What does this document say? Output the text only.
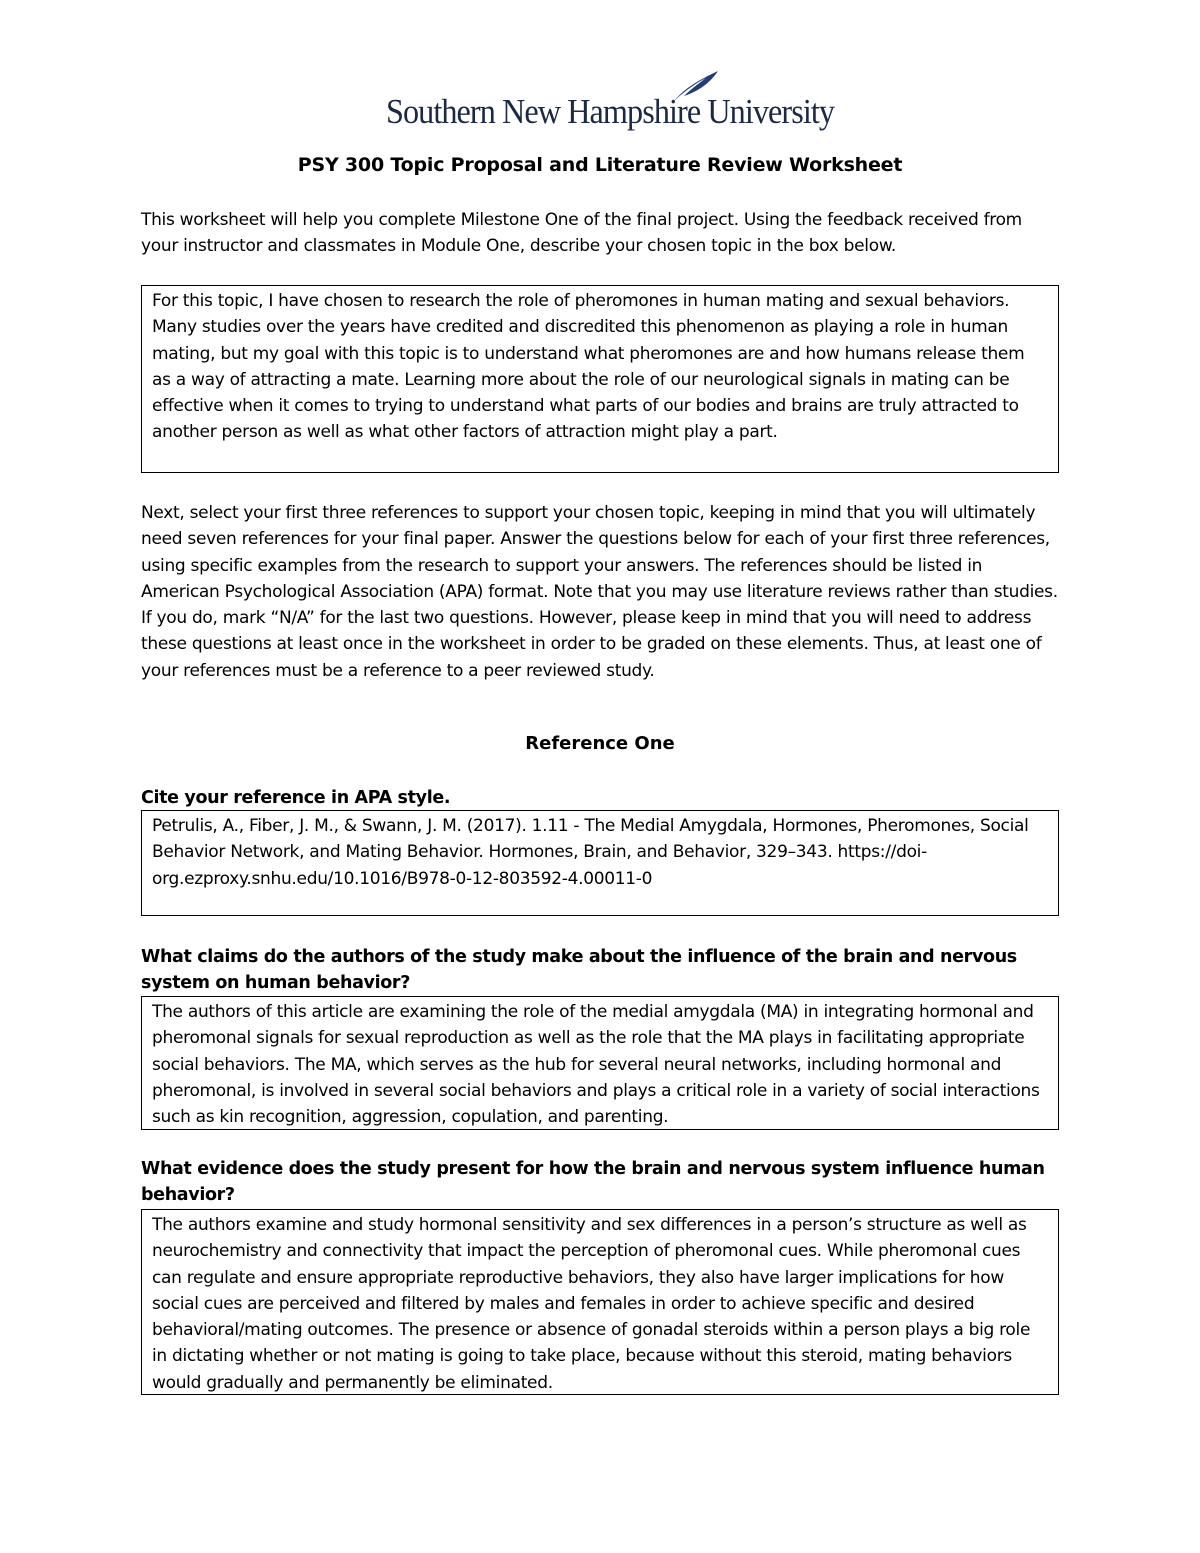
Southern New Hampshire University
PSY 300 Topic Proposal and Literature Review Worksheet
This worksheet will help you complete Milestone One of the final project. Using the feedback received from your instructor and classmates in Module One, describe your chosen topic in the box below.
For this topic, I have chosen to research the role of pheromones in human mating and sexual behaviors. Many studies over the years have credited and discredited this phenomenon as playing a role in human mating, but my goal with this topic is to understand what pheromones are and how humans release them as a way of attracting a mate. Learning more about the role of our neurological signals in mating can be effective when it comes to trying to understand what parts of our bodies and brains are truly attracted to another person as well as what other factors of attraction might play a part.
Next, select your first three references to support your chosen topic, keeping in mind that you will ultimately need seven references for your final paper. Answer the questions below for each of your first three references, using specific examples from the research to support your answers. The references should be listed in American Psychological Association (APA) format. Note that you may use literature reviews rather than studies. If you do, mark “N/A” for the last two questions. However, please keep in mind that you will need to address these questions at least once in the worksheet in order to be graded on these elements. Thus, at least one of your references must be a reference to a peer reviewed study.
Reference One
Cite your reference in APA style.
Petrulis, A., Fiber, J. M., & Swann, J. M. (2017). 1.11 - The Medial Amygdala, Hormones, Pheromones, Social Behavior Network, and Mating Behavior. Hormones, Brain, and Behavior, 329–343. https://doi-org.ezproxy.snhu.edu/10.1016/B978-0-12-803592-4.00011-0
What claims do the authors of the study make about the influence of the brain and nervous system on human behavior?
The authors of this article are examining the role of the medial amygdala (MA) in integrating hormonal and pheromonal signals for sexual reproduction as well as the role that the MA plays in facilitating appropriate social behaviors. The MA, which serves as the hub for several neural networks, including hormonal and pheromonal, is involved in several social behaviors and plays a critical role in a variety of social interactions such as kin recognition, aggression, copulation, and parenting.
What evidence does the study present for how the brain and nervous system influence human behavior?
The authors examine and study hormonal sensitivity and sex differences in a person’s structure as well as neurochemistry and connectivity that impact the perception of pheromonal cues. While pheromonal cues can regulate and ensure appropriate reproductive behaviors, they also have larger implications for how social cues are perceived and filtered by males and females in order to achieve specific and desired behavioral/mating outcomes. The presence or absence of gonadal steroids within a person plays a big role in dictating whether or not mating is going to take place, because without this steroid, mating behaviors would gradually and permanently be eliminated.
